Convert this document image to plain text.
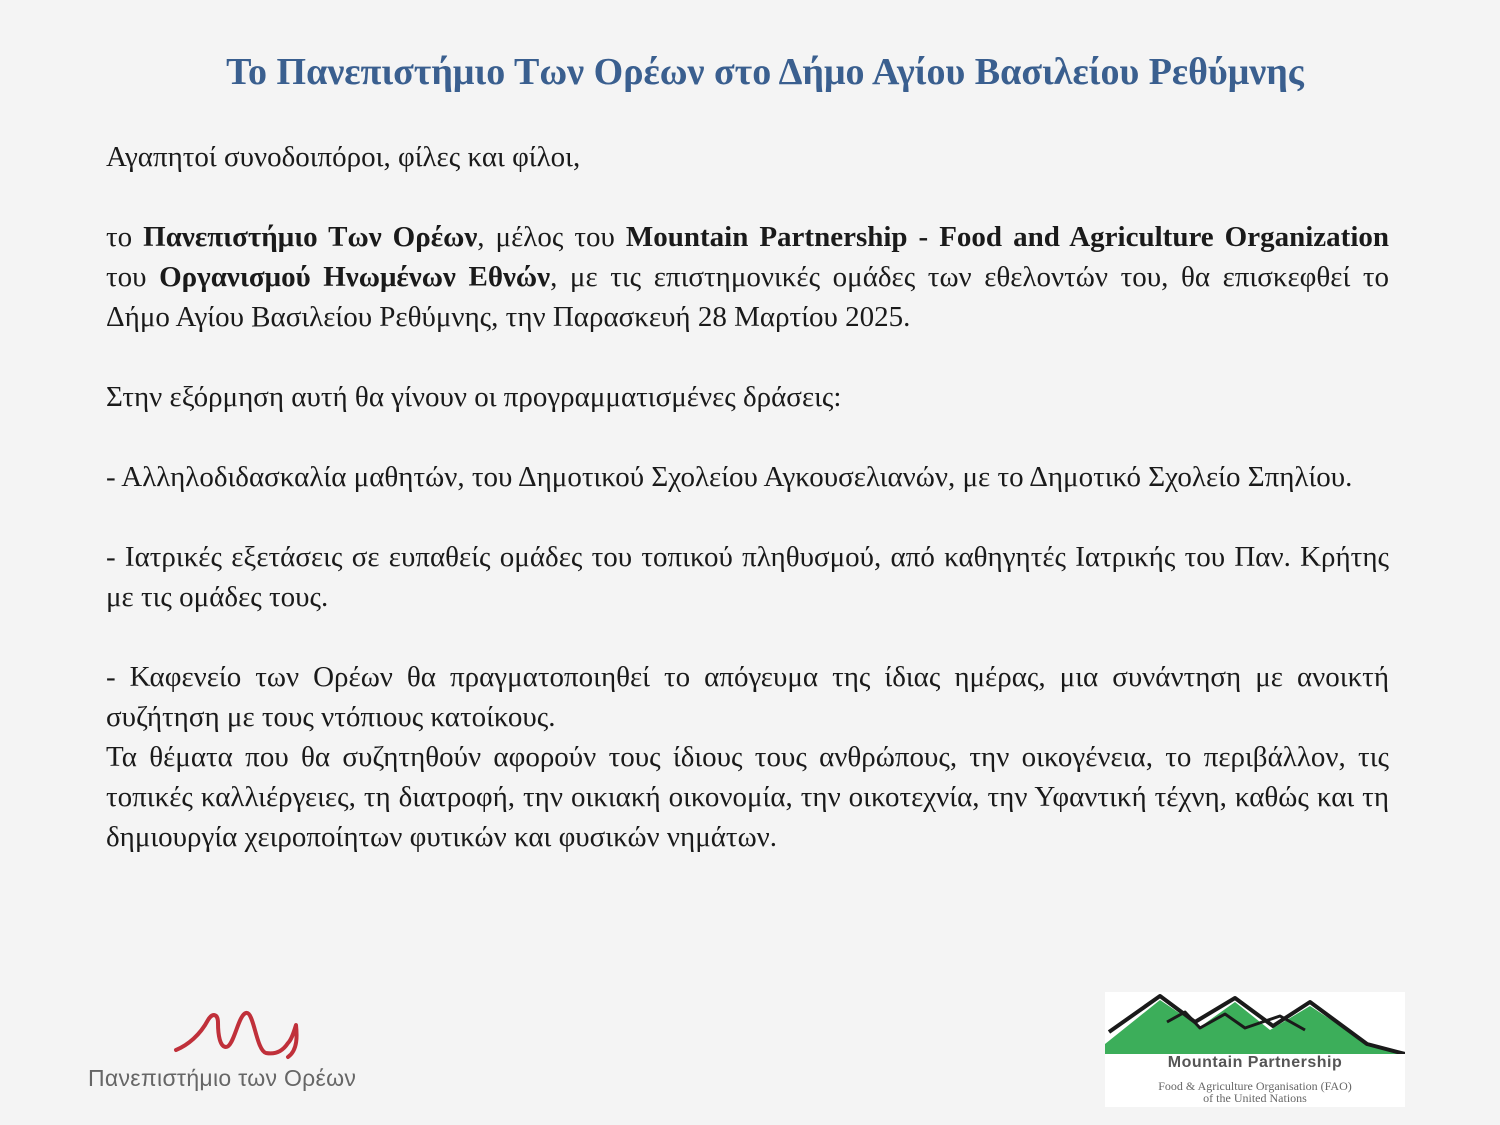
Το Πανεπιστήμιο Των Ορέων στο Δήμο Αγίου Βασιλείου Ρεθύμνης

Αγαπητοί συνοδοιπόροι, φίλες και φίλοι,

το Πανεπιστήμιο Των Ορέων, μέλος του Mountain Partnership - Food and Agriculture Organization του Οργανισμού Ηνωμένων Εθνών, με τις επιστημονικές ομάδες των εθελοντών του, θα επισκεφθεί το Δήμο Αγίου Βασιλείου Ρεθύμνης, την Παρασκευή 28 Μαρτίου 2025.

Στην εξόρμηση αυτή θα γίνουν οι προγραμματισμένες δράσεις:

- Αλληλοδιδασκαλία μαθητών, του Δημοτικού Σχολείου Αγκουσελιανών, με το Δημοτικό Σχολείο Σπηλίου.

- Ιατρικές εξετάσεις σε ευπαθείς ομάδες του τοπικού πληθυσμού, από καθηγητές Ιατρικής του Παν. Κρήτης με τις ομάδες τους.

- Καφενείο των Ορέων θα πραγματοποιηθεί το απόγευμα της ίδιας ημέρας, μια συνάντηση με ανοικτή συζήτηση με τους ντόπιους κατοίκους.

Τα θέματα που θα συζητηθούν αφορούν τους ίδιους τους ανθρώπους, την οικογένεια, το περιβάλλον, τις τοπικές καλλιέργειες, τη διατροφή, την οικιακή οικονομία, την οικοτεχνία, την Υφαντική τέχνη, καθώς και τη δημιουργία χειροποίητων φυτικών και φυσικών νημάτων.

Πανεπιστήμιο των Ορέων
Mountain Partnership
Food & Agriculture Organisation (FAO)
of the United Nations
